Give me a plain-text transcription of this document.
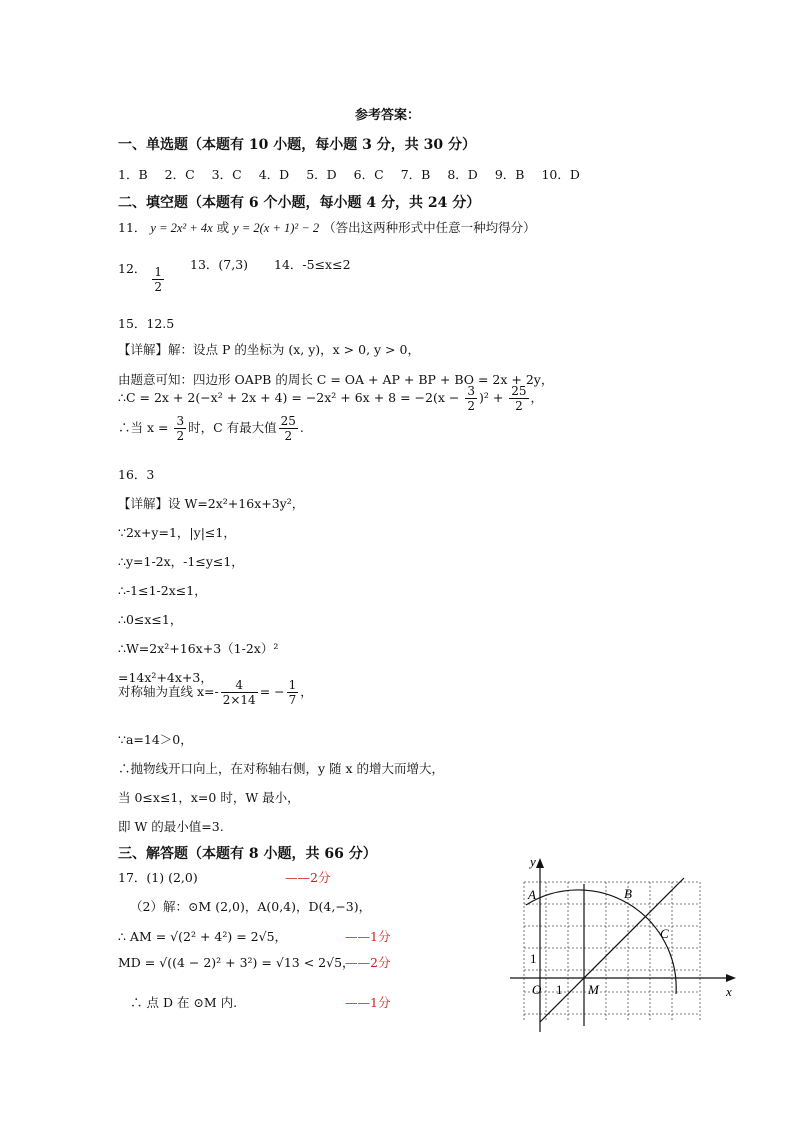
参考答案：
一、单选题（本题有 10 小题，每小题 3 分，共 30 分）
1．B 2．C 3．C 4．D 5．D 6．C 7．B 8．D 9．B 10．D
二、填空题（本题有 6 个小题，每小题 4 分，共 24 分）
11． y = 2x² + 4x 或 y = 2(x + 1)² − 2 （答出这两种形式中任意一种均得分）
12． $\frac{1}{2}$
13．(7,3) 14．-5≤x≤2
15．12.5
【详解】解：设点 P 的坐标为 (x, y)，x > 0, y > 0，
由题意可知：四边形 OAPB 的周长 C = OA + AP + BP + BO = 2x + 2y，
∴C = $2x + 2(-x^2 + 2x + 4) = -2x^2 + 6x + 8 = -2(x - \frac{3}{2} )^2 + \frac{25}{2}$ ，
∴当 $x = \frac{3}{2}$ 时，C 有最大值 $\frac{25}{2}$ .
16．3
【详解】设 W=2x²+16x+3y²，
∵2x+y=1，|y|≤1，
∴y=1-2x，-1≤y≤1，
∴-1≤1-2x≤1，
∴0≤x≤1，
∴W=2x²+16x+3（1-2x）²
=14x²+4x+3，
对称轴为直线 $x=- \frac{4}{2\times 14}$ = − $\frac{1}{7}$ ，
∵a=14＞0，
∴抛物线开口向上，在对称轴右侧，y 随 x 的增大而增大，
当 0≤x≤1，x=0 时，W 最小，
即 W 的最小值=3.
三、解答题（本题有 8 小题，共 66 分）
17．(1) (2,0)	——2分
（2）解：⊙M (2,0)，A(0,4)，D(4,−3)，
∴ AM = √(2² + 4²) = 2√5，	——1分
MD = √((4 − 2)² + 3²) = √13 < 2√5，
——2分
∴ 点 D 在 ⊙M 内.	——1分
y
x
A	B
C
O 1
1
M
